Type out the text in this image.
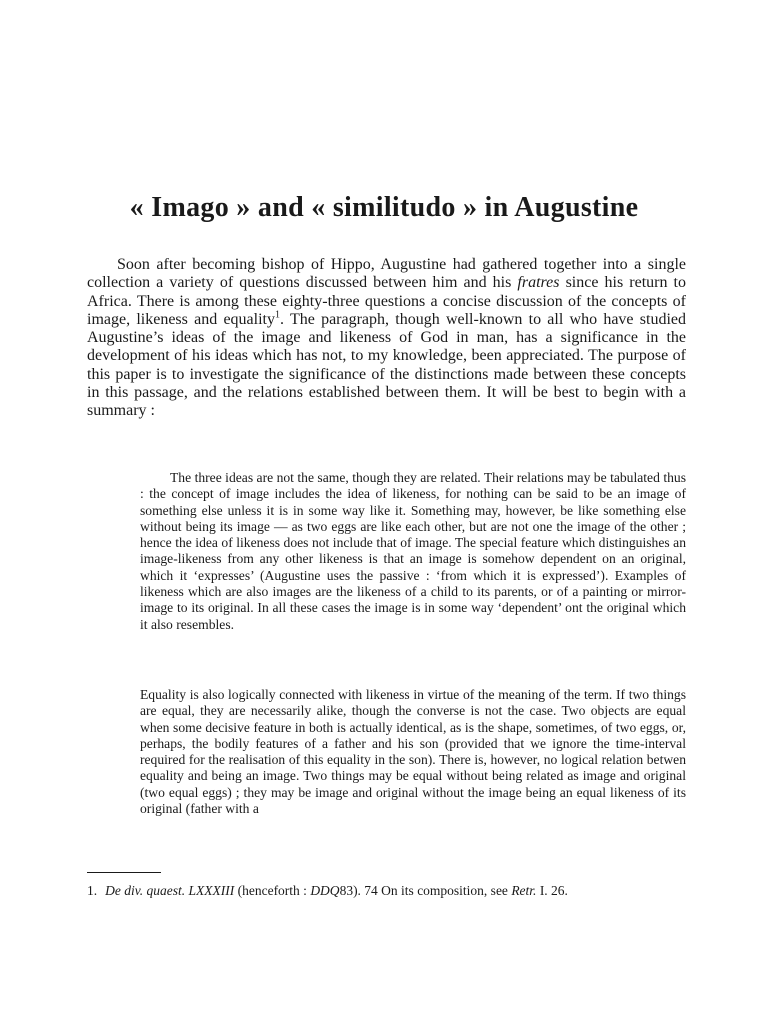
« Imago » and « similitudo » in Augustine

Soon after becoming bishop of Hippo, Augustine had gathered together into a single collection a variety of questions discussed between him and his fratres since his return to Africa. There is among these eighty-three questions a concise discussion of the concepts of image, likeness and equality$^1$. The paragraph, though well-known to all who have studied Augustine’s ideas of the image and likeness of God in man, has a significance in the development of his ideas which has not, to my knowledge, been appreciated. The purpose of this paper is to investigate the significance of the distinctions made between these concepts in this passage, and the relations established between them. It will be best to begin with a summary :

The three ideas are not the same, though they are related. Their relations may be tabulated thus : the concept of image includes the idea of likeness, for nothing can be said to be an image of something else unless it is in some way like it. Something may, however, be like something else without being its image — as two eggs are like each other, but are not one the image of the other ; hence the idea of likeness does not include that of image. The special feature which distinguishes an image-likeness from any other likeness is that an image is somehow dependent on an original, which it ‘expresses’ (Augustine uses the passive : ‘from which it is expressed’). Examples of likeness which are also images are the likeness of a child to its parents, or of a painting or mirror-image to its original. In all these cases the image is in some way ‘dependent’ ont the original which it also resembles.

Equality is also logically connected with likeness in virtue of the meaning of the term. If two things are equal, they are necessarily alike, though the converse is not the case. Two objects are equal when some decisive feature in both is actually identical, as is the shape, sometimes, of two eggs, or, perhaps, the bodily features of a father and his son (provided that we ignore the time-interval required for the realisation of this equality in the son). There is, however, no logical relation betwen equality and being an image. Two things may be equal without being related as image and original (two equal eggs) ; they may be image and original without the image being an equal likeness of its original (father with a

1. De div. quaest. LXXXIII (henceforth : DDQ83). 74 On its composition, see Retr. I. 26.
